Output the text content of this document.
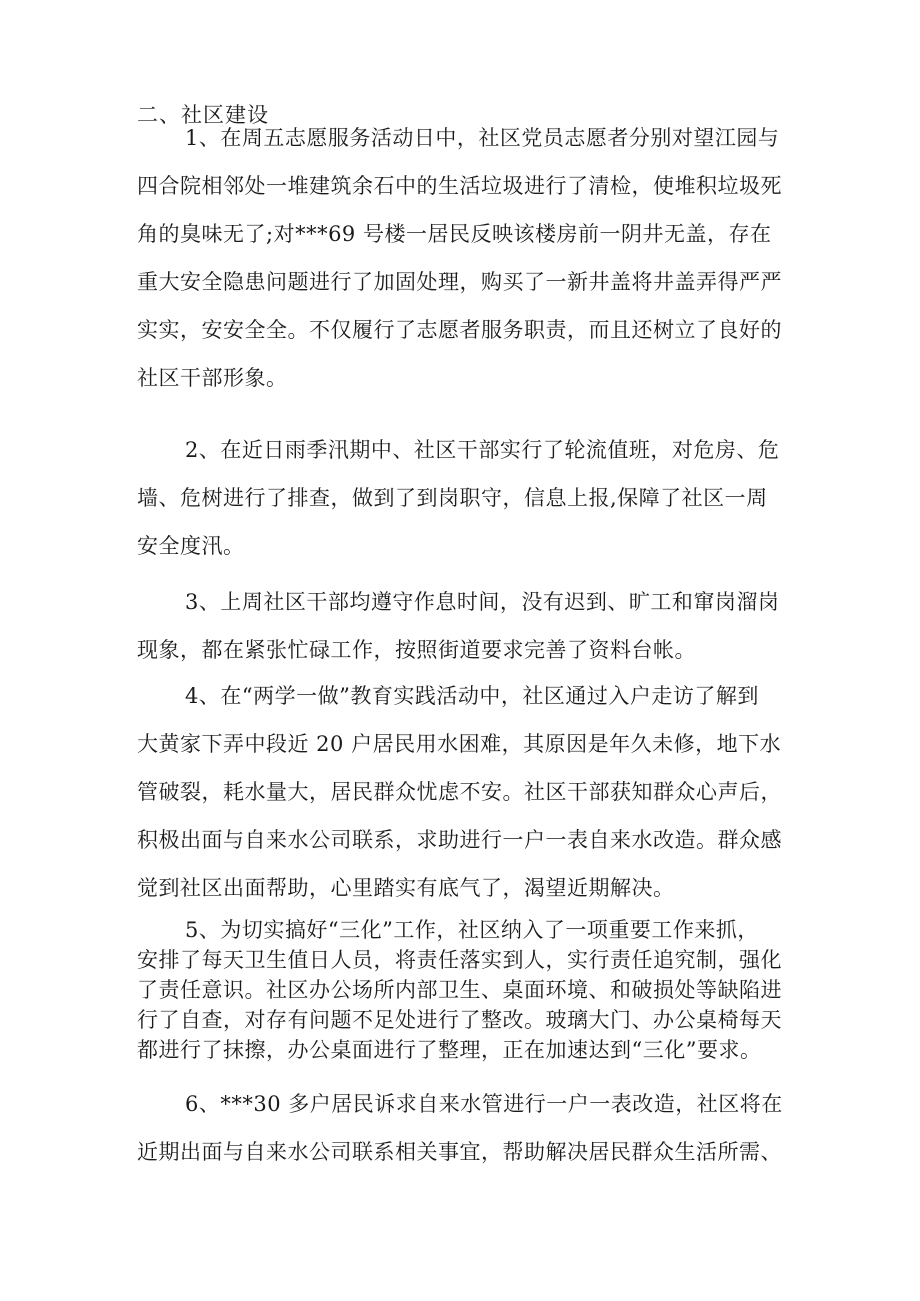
二、社区建设
1、在周五志愿服务活动日中，社区党员志愿者分别对望江园与
四合院相邻处一堆建筑余石中的生活垃圾进行了清检，使堆积垃圾死
角的臭味无了;对***69 号楼一居民反映该楼房前一阴井无盖，存在
重大安全隐患问题进行了加固处理，购买了一新井盖将井盖弄得严严
实实，安安全全。不仅履行了志愿者服务职责，而且还树立了良好的
社区干部形象。
2、在近日雨季汛期中、社区干部实行了轮流值班，对危房、危
墙、危树进行了排查，做到了到岗职守，信息上报,保障了社区一周
安全度汛。
3、上周社区干部均遵守作息时间，没有迟到、旷工和窜岗溜岗
现象，都在紧张忙碌工作，按照街道要求完善了资料台帐。
4、在“两学一做”教育实践活动中，社区通过入户走访了解到
大黄家下弄中段近 20 户居民用水困难，其原因是年久未修，地下水
管破裂，耗水量大，居民群众忧虑不安。社区干部获知群众心声后，
积极出面与自来水公司联系，求助进行一户一表自来水改造。群众感
觉到社区出面帮助，心里踏实有底气了，渴望近期解决。
5、为切实搞好“三化”工作，社区纳入了一项重要工作来抓，
安排了每天卫生值日人员，将责任落实到人，实行责任追究制，强化
了责任意识。社区办公场所内部卫生、桌面环境、和破损处等缺陷进
行了自查，对存有问题不足处进行了整改。玻璃大门、办公桌椅每天
都进行了抹擦，办公桌面进行了整理，正在加速达到“三化”要求。
6、***30 多户居民诉求自来水管进行一户一表改造，社区将在
近期出面与自来水公司联系相关事宜，帮助解决居民群众生活所需、
